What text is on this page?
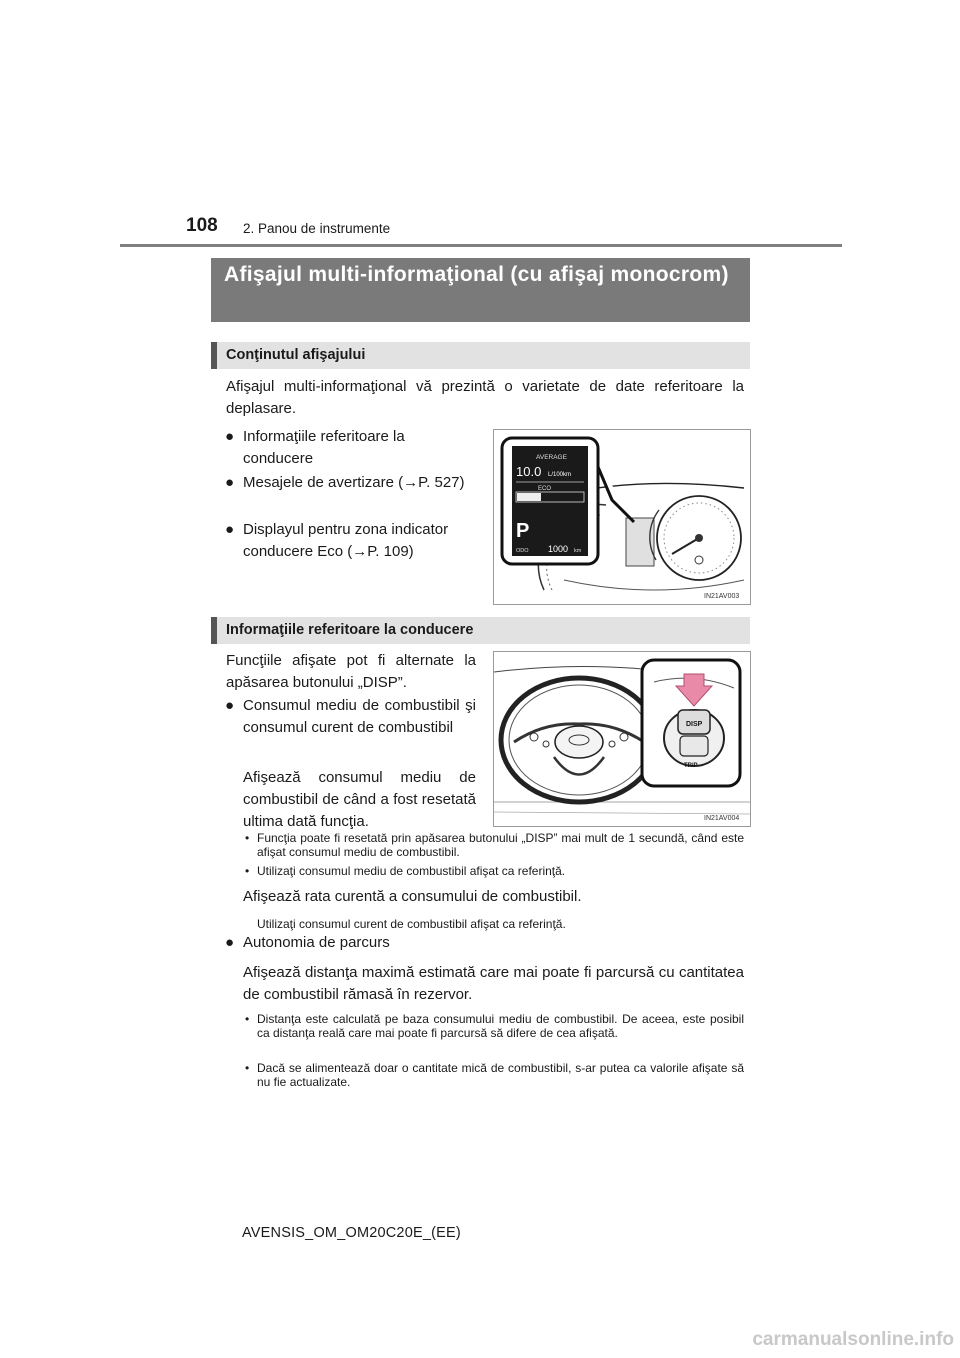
108 2. Panou de instrumente
Afişajul multi-informaţional (cu afişaj monocrom)
Conţinutul afişajului
Afişajul multi-informaţional vă prezintă o varietate de date referitoare la deplasare.
● Informaţiile referitoare la conducere
● Mesajele de avertizare (→P. 527)
● Displayul pentru zona indicator conducere Eco (→P. 109)
AVERAGE
10.0 L/100km
ECO
P
ODO 1000 km
IN21AV003
Informaţiile referitoare la conducere
Funcţiile afişate pot fi alternate la apăsarea butonului „DISP”.
● Consumul mediu de combustibil şi consumul curent de combustibil
Afişează consumul mediu de combustibil de când a fost resetată ultima dată funcţia.
DISP
TRIP
IN21AV004
• Funcţia poate fi resetată prin apăsarea butonului „DISP” mai mult de 1 secundă, când este afişat consumul mediu de combustibil.
• Utilizaţi consumul mediu de combustibil afişat ca referinţă.
Afişează rata curentă a consumului de combustibil.
Utilizaţi consumul curent de combustibil afişat ca referinţă.
● Autonomia de parcurs
Afişează distanţa maximă estimată care mai poate fi parcursă cu cantitatea de combustibil rămasă în rezervor.
• Distanţa este calculată pe baza consumului mediu de combustibil. De aceea, este posibil ca distanţa reală care mai poate fi parcursă să difere de cea afişată.
• Dacă se alimentează doar o cantitate mică de combustibil, s-ar putea ca valorile afişate să nu fie actualizate.
AVENSIS_OM_OM20C20E_(EE)
carmanualsonline.info
